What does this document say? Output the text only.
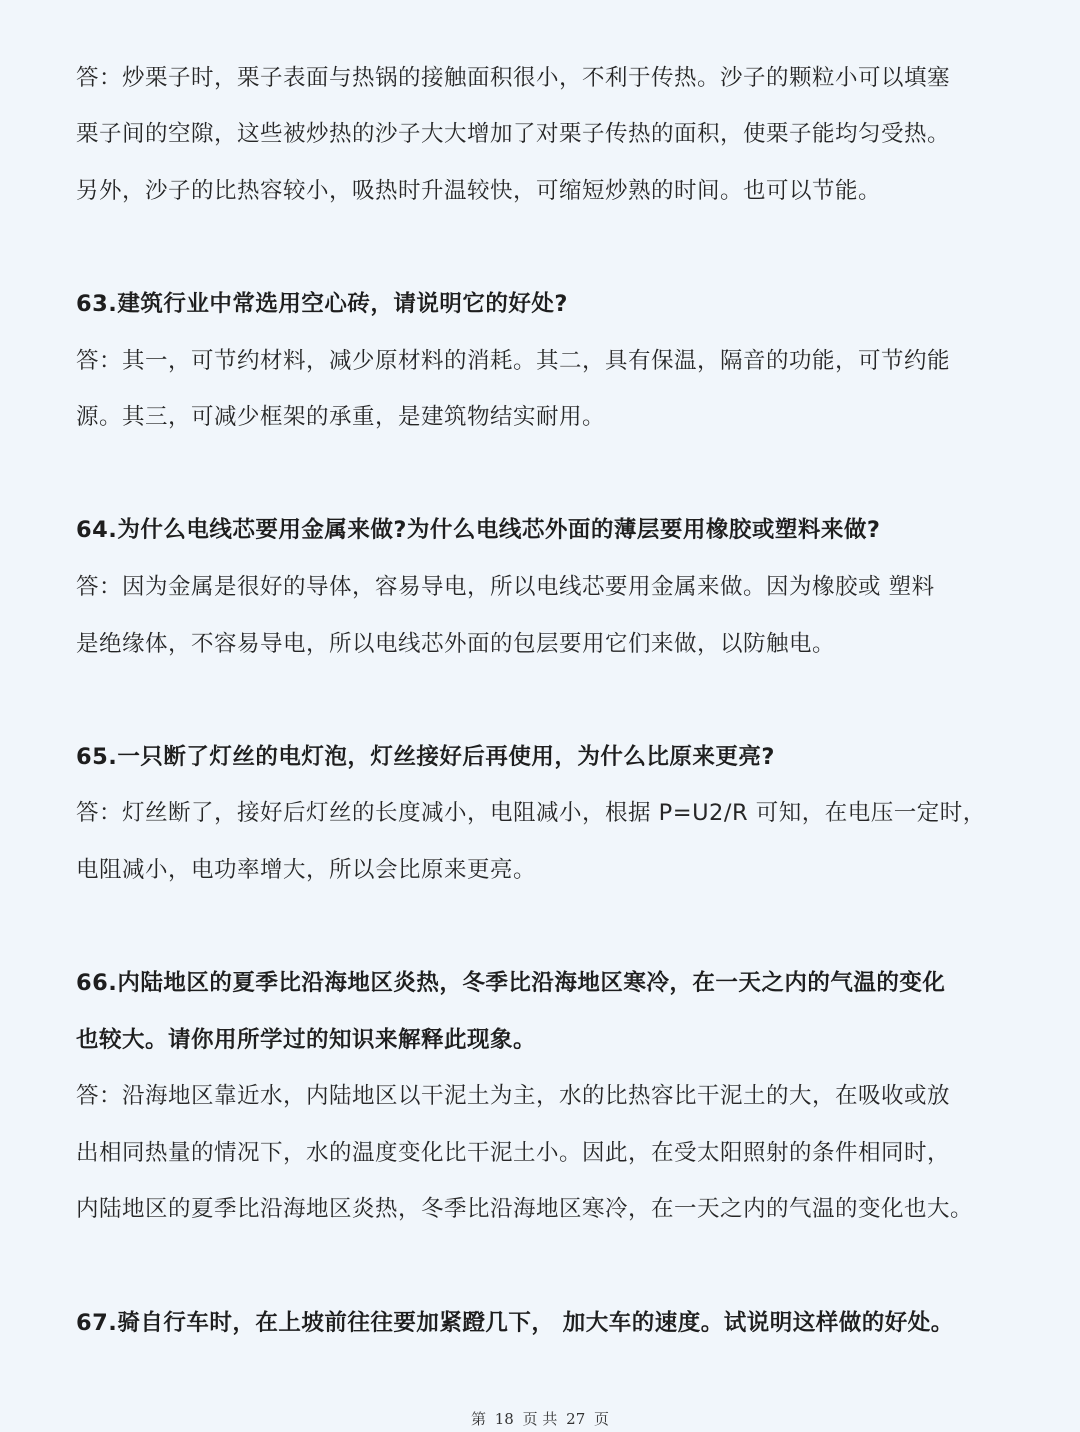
答：炒栗子时，栗子表面与热锅的接触面积很小，不利于传热。沙子的颗粒小可以填塞
栗子间的空隙，这些被炒热的沙子大大增加了对栗子传热的面积，使栗子能均匀受热。
另外，沙子的比热容较小，吸热时升温较快，可缩短炒熟的时间。也可以节能。
63.建筑行业中常选用空心砖，请说明它的好处?
答：其一，可节约材料，减少原材料的消耗。其二，具有保温，隔音的功能，可节约能
源。其三，可减少框架的承重，是建筑物结实耐用。
64.为什么电线芯要用金属来做?为什么电线芯外面的薄层要用橡胶或塑料来做?
答：因为金属是很好的导体，容易导电，所以电线芯要用金属来做。因为橡胶或 塑料
是绝缘体，不容易导电，所以电线芯外面的包层要用它们来做，以防触电。
65.一只断了灯丝的电灯泡，灯丝接好后再使用，为什么比原来更亮?
答：灯丝断了，接好后灯丝的长度减小，电阻减小，根据 P=U2/R 可知，在电压一定时，
电阻减小，电功率增大，所以会比原来更亮。
66.内陆地区的夏季比沿海地区炎热，冬季比沿海地区寒冷，在一天之内的气温的变化
也较大。请你用所学过的知识来解释此现象。
答：沿海地区靠近水，内陆地区以干泥土为主，水的比热容比干泥土的大，在吸收或放
出相同热量的情况下，水的温度变化比干泥土小。因此，在受太阳照射的条件相同时，
内陆地区的夏季比沿海地区炎热，冬季比沿海地区寒冷，在一天之内的气温的变化也大。
67.骑自行车时，在上坡前往往要加紧蹬几下， 加大车的速度。试说明这样做的好处。
第 18 页 共 27 页
